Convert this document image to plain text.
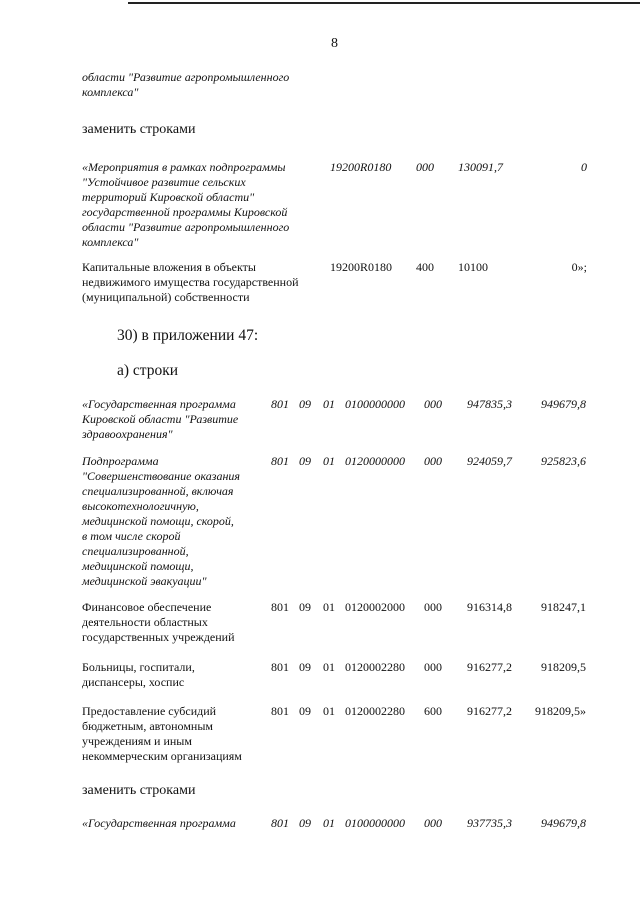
8
области "Развитие агропромышленного
комплекса"
заменить строками
«Мероприятия в рамках подпрограммы
"Устойчивое развитие сельских
территорий Кировской области"
государственной программы Кировской
области "Развитие агропромышленного
комплекса"
19200R0180	000	130091,7	0
Капитальные вложения в объекты
недвижимого имущества государственной
(муниципальной) собственности
19200R0180	400	10100	0»;
30) в приложении 47:
а) строки
«Государственная программа
Кировской области "Развитие
здравоохранения"
801 09 01 0100000000	000	947835,3	949679,8
Подпрограмма
"Совершенствование оказания
специализированной, включая
высокотехнологичную,
медицинской помощи, скорой,
в том числе скорой
специализированной,
медицинской помощи,
медицинской эвакуации"
801 09 01 0120000000	000	924059,7	925823,6
Финансовое обеспечение
деятельности областных
государственных учреждений
801 09 01 0120002000	000	916314,8	918247,1
Больницы, госпитали,
диспансеры, хоспис
801 09 01 0120002280	000	916277,2	918209,5
Предоставление субсидий
бюджетным, автономным
учреждениям и иным
некоммерческим организациям
801 09 01 0120002280	600	916277,2	918209,5»
заменить строками
«Государственная программа	801 09 01 0100000000	000	937735,3	949679,8
